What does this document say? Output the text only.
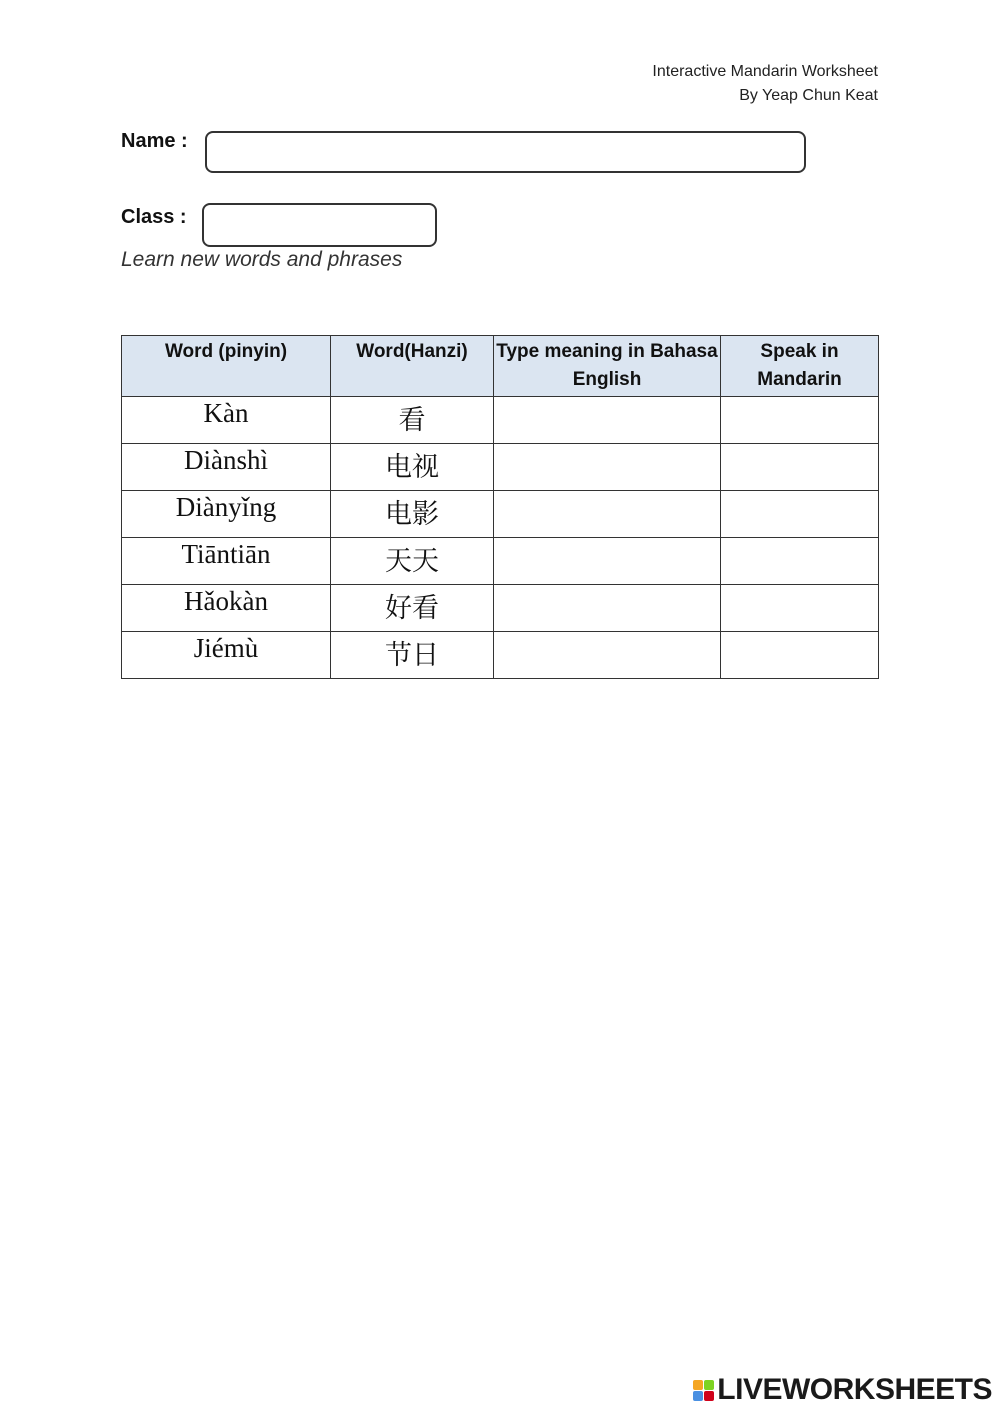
Interactive Mandarin Worksheet
By Yeap Chun Keat
Name :
Class :
Learn new words and phrases
Word (pinyin)	Word(Hanzi)	Type meaning in Bahasa English	Speak in Mandarin
Kàn	看		
Diànshì	电视		
Diànyǐng	电影		
Tiāntiān	天天		
Hǎokàn	好看		
Jiémù	节日		
LIVEWORKSHEETS
